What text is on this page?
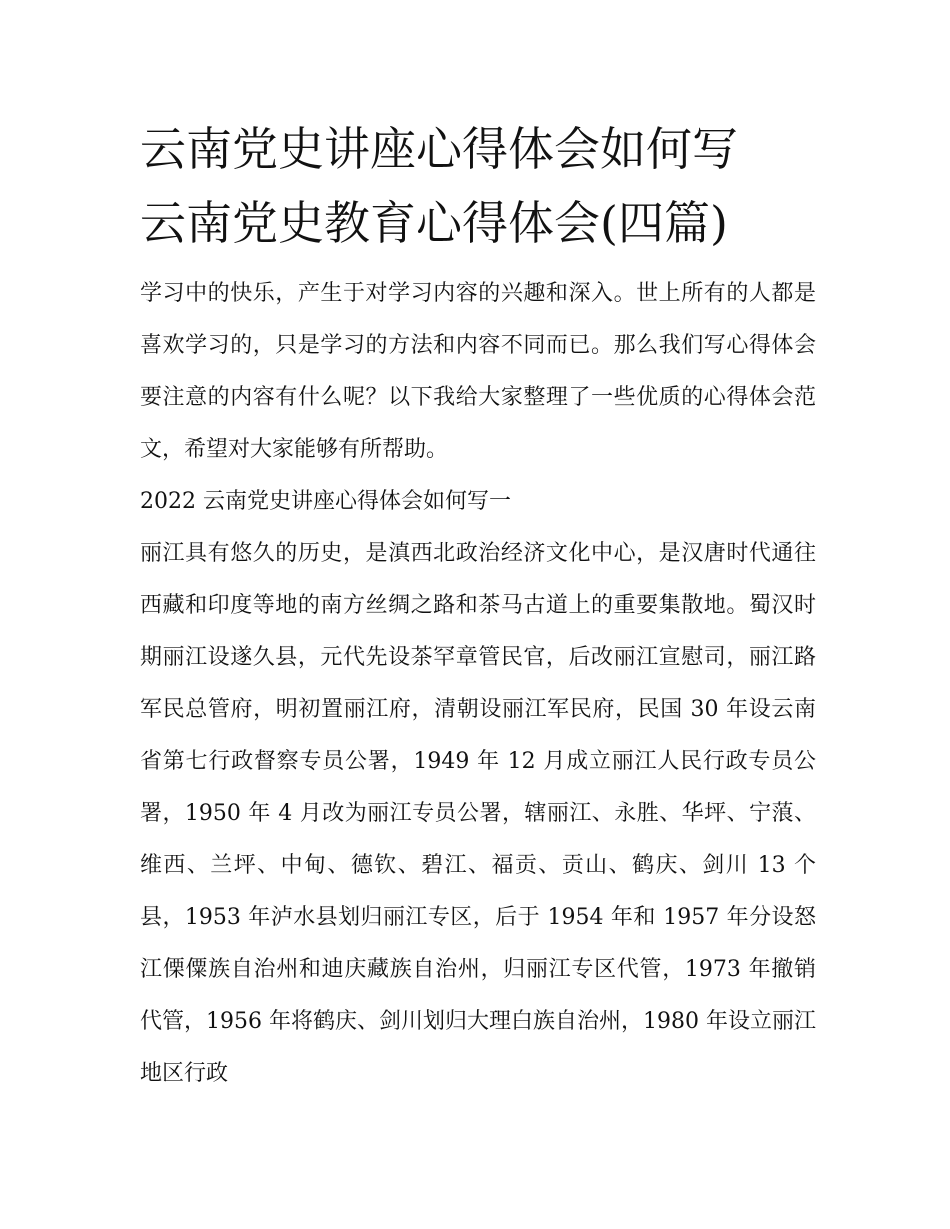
云南党史讲座心得体会如何写
云南党史教育心得体会(四篇)

学习中的快乐，产生于对学习内容的兴趣和深入。世上所有的人都是喜欢学习的，只是学习的方法和内容不同而已。那么我们写心得体会要注意的内容有什么呢？以下我给大家整理了一些优质的心得体会范文，希望对大家能够有所帮助。

2022 云南党史讲座心得体会如何写一

丽江具有悠久的历史，是滇西北政治经济文化中心，是汉唐时代通往西藏和印度等地的南方丝绸之路和茶马古道上的重要集散地。蜀汉时期丽江设遂久县，元代先设茶罕章管民官，后改丽江宣慰司，丽江路军民总管府，明初置丽江府，清朝设丽江军民府，民国 30 年设云南省第七行政督察专员公署，1949 年 12 月成立丽江人民行政专员公署，1950 年 4 月改为丽江专员公署，辖丽江、永胜、华坪、宁蒗、维西、兰坪、中甸、德钦、碧江、福贡、贡山、鹤庆、剑川 13 个县，1953 年泸水县划归丽江专区，后于 1954 年和 1957 年分设怒江傈僳族自治州和迪庆藏族自治州，归丽江专区代管，1973 年撤销代管，1956 年将鹤庆、剑川划归大理白族自治州，1980 年设立丽江地区行政
